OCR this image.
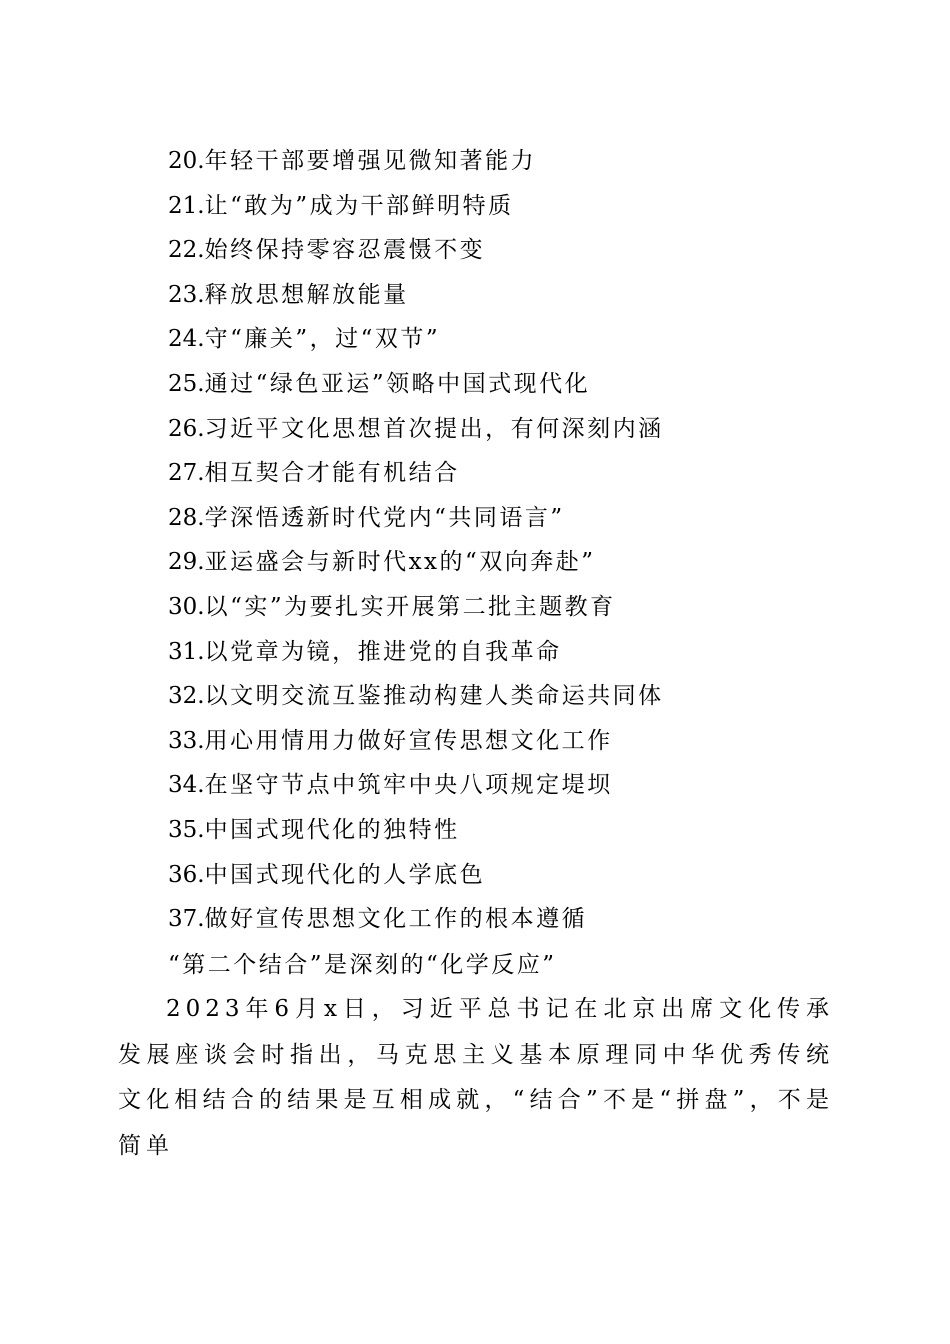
20.年轻干部要增强见微知著能力
21.让“敢为”成为干部鲜明特质
22.始终保持零容忍震慑不变
23.释放思想解放能量
24.守“廉关”，过“双节”
25.通过“绿色亚运”领略中国式现代化
26.习近平文化思想首次提出，有何深刻内涵
27.相互契合才能有机结合
28.学深悟透新时代党内“共同语言”
29.亚运盛会与新时代xx的“双向奔赴”
30.以“实”为要扎实开展第二批主题教育
31.以党章为镜，推进党的自我革命
32.以文明交流互鉴推动构建人类命运共同体
33.用心用情用力做好宣传思想文化工作
34.在坚守节点中筑牢中央八项规定堤坝
35.中国式现代化的独特性
36.中国式现代化的人学底色
37.做好宣传思想文化工作的根本遵循
“第二个结合”是深刻的“化学反应”

2023年6月x日，习近平总书记在北京出席文化传承发展座谈会时指出，马克思主义基本原理同中华优秀传统文化相结合的结果是互相成就，“结合”不是“拼盘”，不是简单
